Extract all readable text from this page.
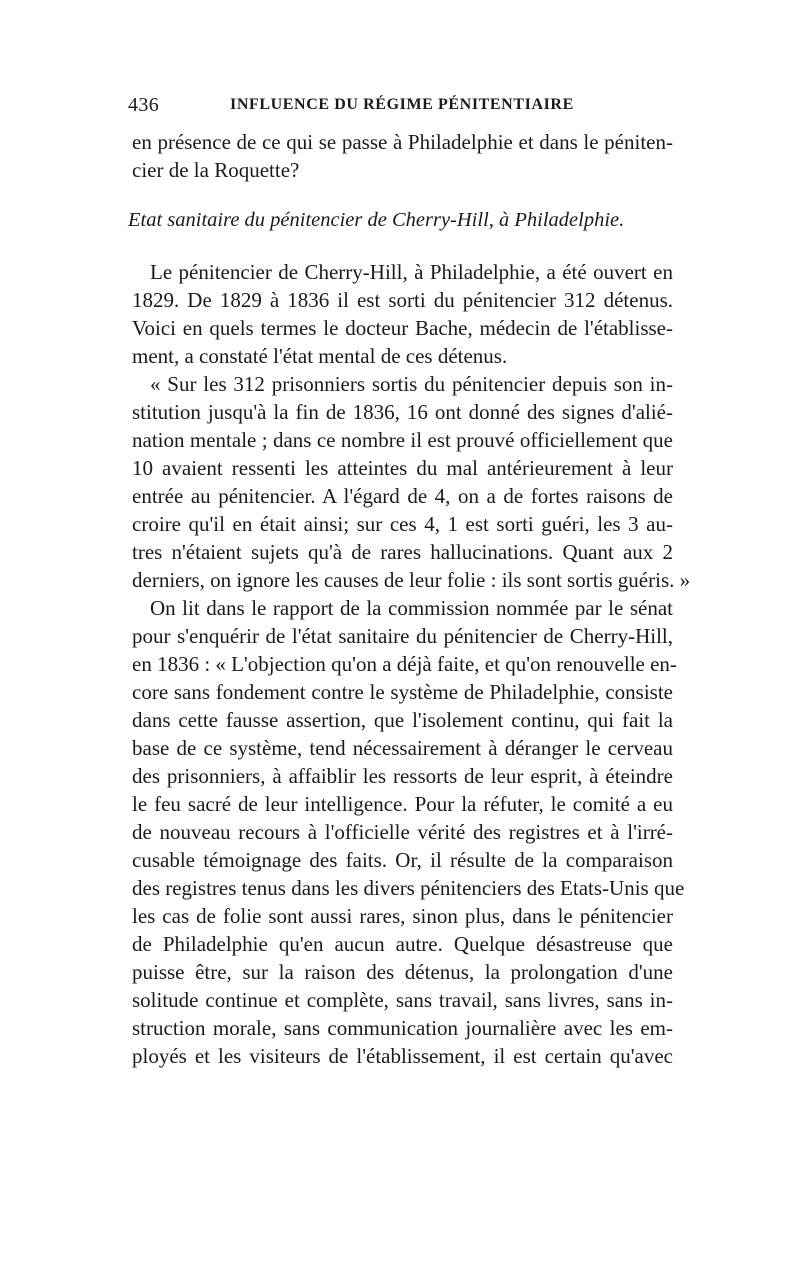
436	INFLUENCE DU RÉGIME PÉNITENTIAIRE
en présence de ce qui se passe à Philadelphie et dans le péniten-
cier de la Roquette?
Etat sanitaire du pénitencier de Cherry-Hill, à Philadelphie.
Le pénitencier de Cherry-Hill, à Philadelphie, a été ouvert en
1829. De 1829 à 1836 il est sorti du pénitencier 312 détenus.
Voici en quels termes le docteur Bache, médecin de l'établisse-
ment, a constaté l'état mental de ces détenus.
« Sur les 312 prisonniers sortis du pénitencier depuis son in-
stitution jusqu'à la fin de 1836, 16 ont donné des signes d'alié-
nation mentale ; dans ce nombre il est prouvé officiellement que
10 avaient ressenti les atteintes du mal antérieurement à leur
entrée au pénitencier. A l'égard de 4, on a de fortes raisons de
croire qu'il en était ainsi; sur ces 4, 1 est sorti guéri, les 3 au-
tres n'étaient sujets qu'à de rares hallucinations. Quant aux 2
derniers, on ignore les causes de leur folie : ils sont sortis guéris. »
On lit dans le rapport de la commission nommée par le sénat
pour s'enquérir de l'état sanitaire du pénitencier de Cherry-Hill,
en 1836 : « L'objection qu'on a déjà faite, et qu'on renouvelle en-
core sans fondement contre le système de Philadelphie, consiste
dans cette fausse assertion, que l'isolement continu, qui fait la
base de ce système, tend nécessairement à déranger le cerveau
des prisonniers, à affaiblir les ressorts de leur esprit, à éteindre
le feu sacré de leur intelligence. Pour la réfuter, le comité a eu
de nouveau recours à l'officielle vérité des registres et à l'irré-
cusable témoignage des faits. Or, il résulte de la comparaison
des registres tenus dans les divers pénitenciers des Etats-Unis que
les cas de folie sont aussi rares, sinon plus, dans le pénitencier
de Philadelphie qu'en aucun autre. Quelque désastreuse que
puisse être, sur la raison des détenus, la prolongation d'une
solitude continue et complète, sans travail, sans livres, sans in-
struction morale, sans communication journalière avec les em-
ployés et les visiteurs de l'établissement, il est certain qu'avec
